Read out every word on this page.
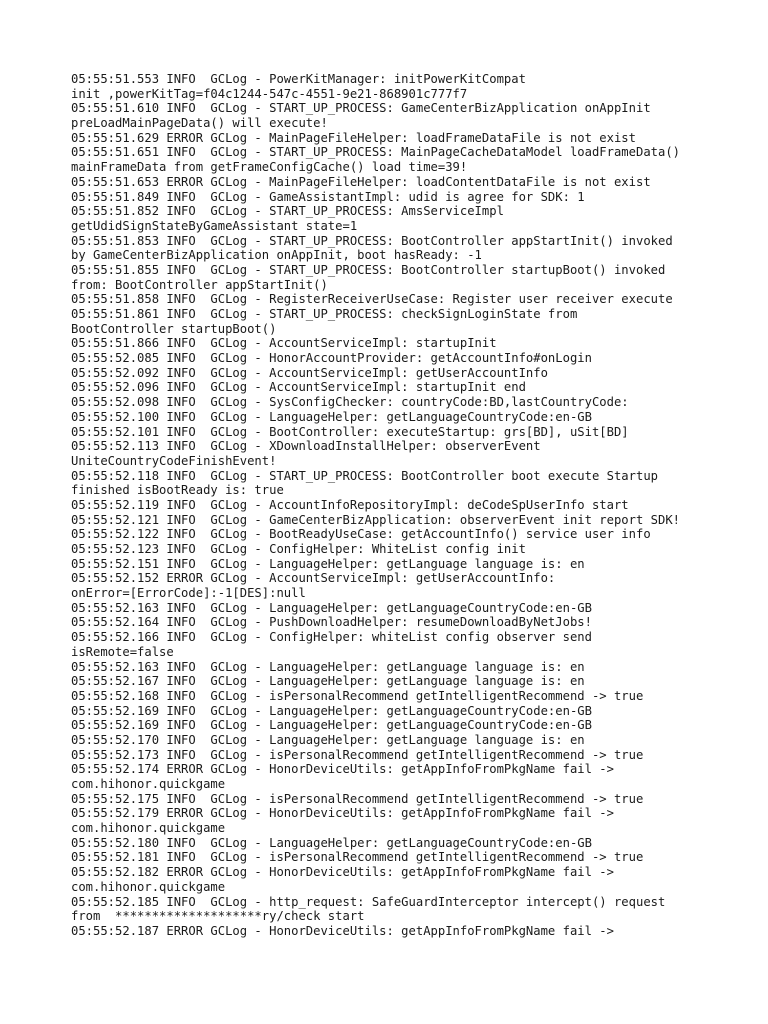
05:55:51.553 INFO  GCLog - PowerKitManager: initPowerKitCompat
init ,powerKitTag=f04c1244-547c-4551-9e21-868901c777f7
05:55:51.610 INFO  GCLog - START_UP_PROCESS: GameCenterBizApplication onAppInit
preLoadMainPageData() will execute!
05:55:51.629 ERROR GCLog - MainPageFileHelper: loadFrameDataFile is not exist
05:55:51.651 INFO  GCLog - START_UP_PROCESS: MainPageCacheDataModel loadFrameData()
mainFrameData from getFrameConfigCache() load time=39!
05:55:51.653 ERROR GCLog - MainPageFileHelper: loadContentDataFile is not exist
05:55:51.849 INFO  GCLog - GameAssistantImpl: udid is agree for SDK: 1
05:55:51.852 INFO  GCLog - START_UP_PROCESS: AmsServiceImpl
getUdidSignStateByGameAssistant state=1
05:55:51.853 INFO  GCLog - START_UP_PROCESS: BootController appStartInit() invoked
by GameCenterBizApplication onAppInit, boot hasReady: -1
05:55:51.855 INFO  GCLog - START_UP_PROCESS: BootController startupBoot() invoked
from: BootController appStartInit()
05:55:51.858 INFO  GCLog - RegisterReceiverUseCase: Register user receiver execute
05:55:51.861 INFO  GCLog - START_UP_PROCESS: checkSignLoginState from
BootController startupBoot()
05:55:51.866 INFO  GCLog - AccountServiceImpl: startupInit
05:55:52.085 INFO  GCLog - HonorAccountProvider: getAccountInfo#onLogin
05:55:52.092 INFO  GCLog - AccountServiceImpl: getUserAccountInfo
05:55:52.096 INFO  GCLog - AccountServiceImpl: startupInit end
05:55:52.098 INFO  GCLog - SysConfigChecker: countryCode:BD,lastCountryCode:
05:55:52.100 INFO  GCLog - LanguageHelper: getLanguageCountryCode:en-GB
05:55:52.101 INFO  GCLog - BootController: executeStartup: grs[BD], uSit[BD]
05:55:52.113 INFO  GCLog - XDownloadInstallHelper: observerEvent
UniteCountryCodeFinishEvent!
05:55:52.118 INFO  GCLog - START_UP_PROCESS: BootController boot execute Startup
finished isBootReady is: true
05:55:52.119 INFO  GCLog - AccountInfoRepositoryImpl: deCodeSpUserInfo start
05:55:52.121 INFO  GCLog - GameCenterBizApplication: observerEvent init report SDK!
05:55:52.122 INFO  GCLog - BootReadyUseCase: getAccountInfo() service user info
05:55:52.123 INFO  GCLog - ConfigHelper: WhiteList config init
05:55:52.151 INFO  GCLog - LanguageHelper: getLanguage language is: en
05:55:52.152 ERROR GCLog - AccountServiceImpl: getUserAccountInfo:
onError=[ErrorCode]:-1[DES]:null
05:55:52.163 INFO  GCLog - LanguageHelper: getLanguageCountryCode:en-GB
05:55:52.164 INFO  GCLog - PushDownloadHelper: resumeDownloadByNetJobs!
05:55:52.166 INFO  GCLog - ConfigHelper: whiteList config observer send
isRemote=false
05:55:52.163 INFO  GCLog - LanguageHelper: getLanguage language is: en
05:55:52.167 INFO  GCLog - LanguageHelper: getLanguage language is: en
05:55:52.168 INFO  GCLog - isPersonalRecommend getIntelligentRecommend -> true
05:55:52.169 INFO  GCLog - LanguageHelper: getLanguageCountryCode:en-GB
05:55:52.169 INFO  GCLog - LanguageHelper: getLanguageCountryCode:en-GB
05:55:52.170 INFO  GCLog - LanguageHelper: getLanguage language is: en
05:55:52.173 INFO  GCLog - isPersonalRecommend getIntelligentRecommend -> true
05:55:52.174 ERROR GCLog - HonorDeviceUtils: getAppInfoFromPkgName fail ->
com.hihonor.quickgame
05:55:52.175 INFO  GCLog - isPersonalRecommend getIntelligentRecommend -> true
05:55:52.179 ERROR GCLog - HonorDeviceUtils: getAppInfoFromPkgName fail ->
com.hihonor.quickgame
05:55:52.180 INFO  GCLog - LanguageHelper: getLanguageCountryCode:en-GB
05:55:52.181 INFO  GCLog - isPersonalRecommend getIntelligentRecommend -> true
05:55:52.182 ERROR GCLog - HonorDeviceUtils: getAppInfoFromPkgName fail ->
com.hihonor.quickgame
05:55:52.185 INFO  GCLog - http_request: SafeGuardInterceptor intercept() request
from  ********************ry/check start
05:55:52.187 ERROR GCLog - HonorDeviceUtils: getAppInfoFromPkgName fail ->
